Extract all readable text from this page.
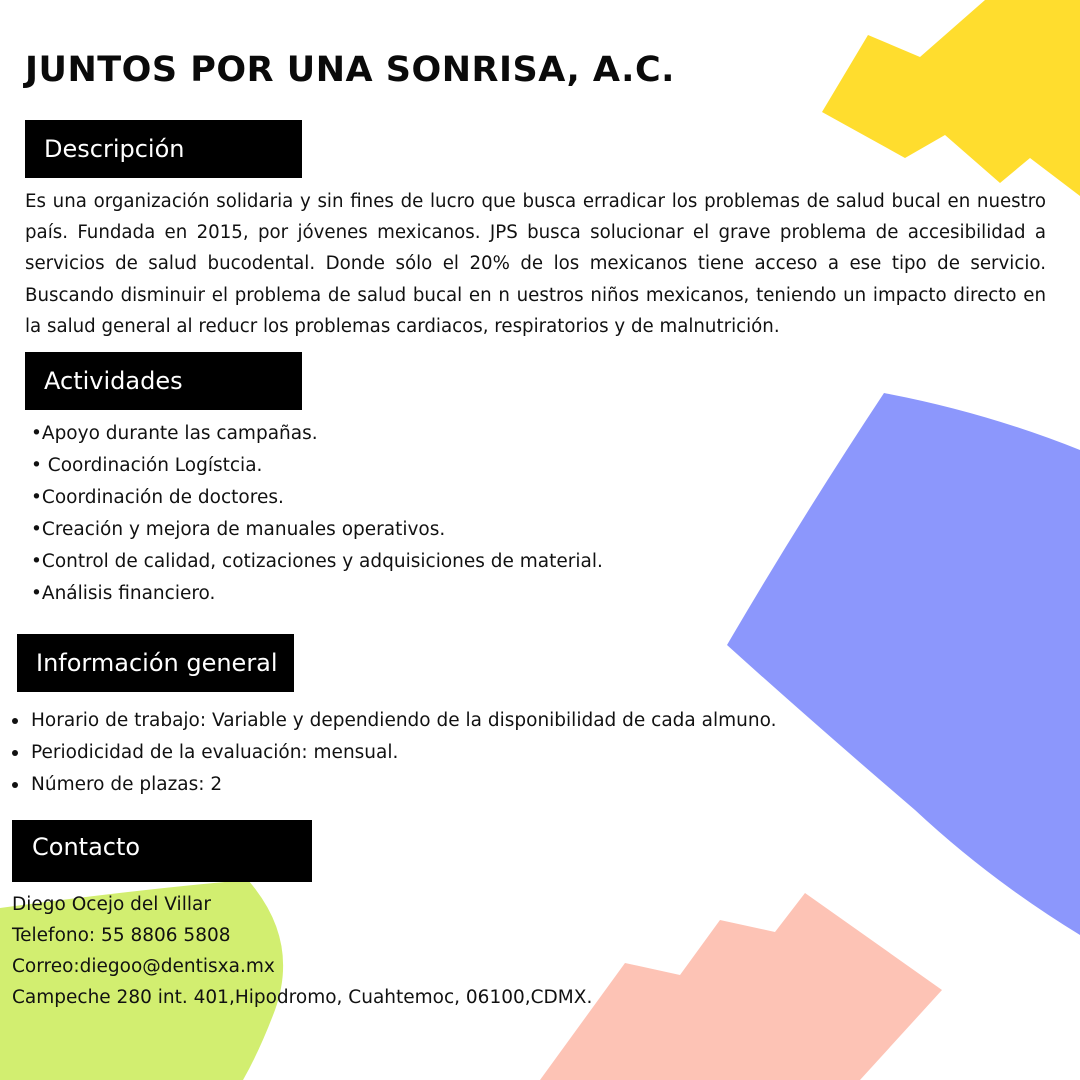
JUNTOS POR UNA SONRISA, A.C.
Descripción

Es una organización solidaria y sin fines de lucro que busca erradicar los problemas de salud bucal en nuestro país. Fundada en 2015, por jóvenes mexicanos. JPS busca solucionar el grave problema de accesibilidad a servicios de salud bucodental. Donde sólo el 20% de los mexicanos tiene acceso a ese tipo de servicio. Buscando disminuir el problema de salud bucal en n uestros niños mexicanos, teniendo un impacto directo en la salud general al reducr los problemas cardiacos, respiratorios y de malnutrición.

Actividades
•Apoyo durante las campañas.
• Coordinación Logístcia.
•Coordinación de doctores.
•Creación y mejora de manuales operativos.
•Control de calidad, cotizaciones y adquisiciones de material.
•Análisis financiero.
Información general
Horario de trabajo: Variable y dependiendo de la disponibilidad de cada almuno.
Periodicidad de la evaluación: mensual.
Número de plazas: 2
Contacto
Diego Ocejo del Villar
Telefono: 55 8806 5808
Correo:diegoo@dentisxa.mx
Campeche 280 int. 401,Hipodromo, Cuahtemoc, 06100,CDMX.
